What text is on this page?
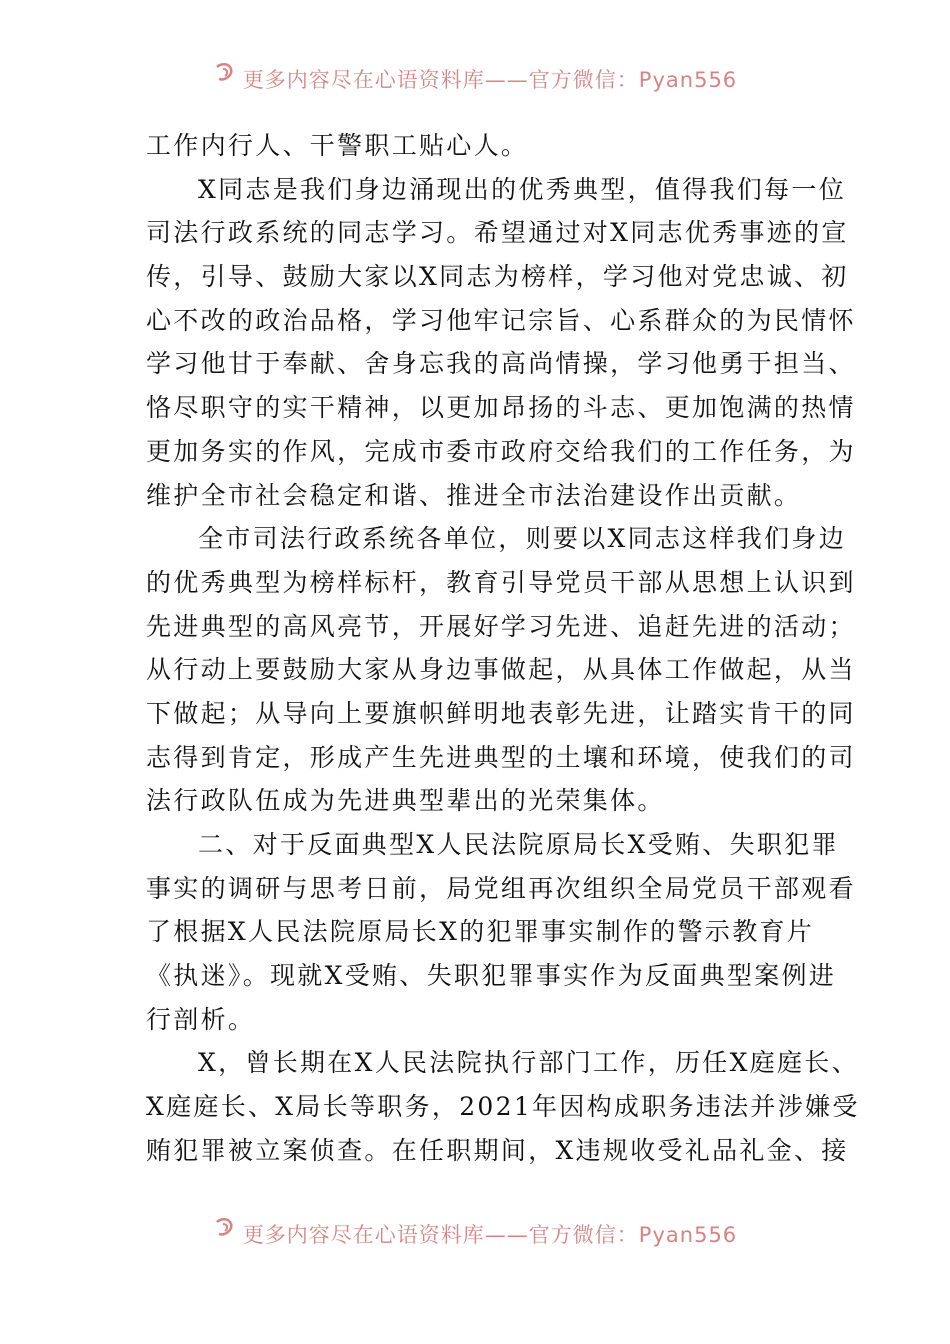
更多内容尽在心语资料库——官方微信：Pyan556
工作内行人、干警职工贴心人。
X同志是我们身边涌现出的优秀典型，值得我们每一位
司法行政系统的同志学习。希望通过对X同志优秀事迹的宣
传，引导、鼓励大家以X同志为榜样，学习他对党忠诚、初
心不改的政治品格，学习他牢记宗旨、心系群众的为民情怀
学习他甘于奉献、舍身忘我的高尚情操，学习他勇于担当、
恪尽职守的实干精神，以更加昂扬的斗志、更加饱满的热情
更加务实的作风，完成市委市政府交给我们的工作任务，为
维护全市社会稳定和谐、推进全市法治建设作出贡献。
全市司法行政系统各单位，则要以X同志这样我们身边
的优秀典型为榜样标杆，教育引导党员干部从思想上认识到
先进典型的高风亮节，开展好学习先进、追赶先进的活动；
从行动上要鼓励大家从身边事做起，从具体工作做起，从当
下做起；从导向上要旗帜鲜明地表彰先进，让踏实肯干的同
志得到肯定，形成产生先进典型的土壤和环境，使我们的司
法行政队伍成为先进典型辈出的光荣集体。
二、对于反面典型X人民法院原局长X受贿、失职犯罪
事实的调研与思考日前，局党组再次组织全局党员干部观看
了根据X人民法院原局长X的犯罪事实制作的警示教育片
《执迷》。现就X受贿、失职犯罪事实作为反面典型案例进
行剖析。
X，曾长期在X人民法院执行部门工作，历任X庭庭长、
X庭庭长、X局长等职务，2021年因构成职务违法并涉嫌受
贿犯罪被立案侦查。在任职期间，X违规收受礼品礼金、接
更多内容尽在心语资料库——官方微信：Pyan556
